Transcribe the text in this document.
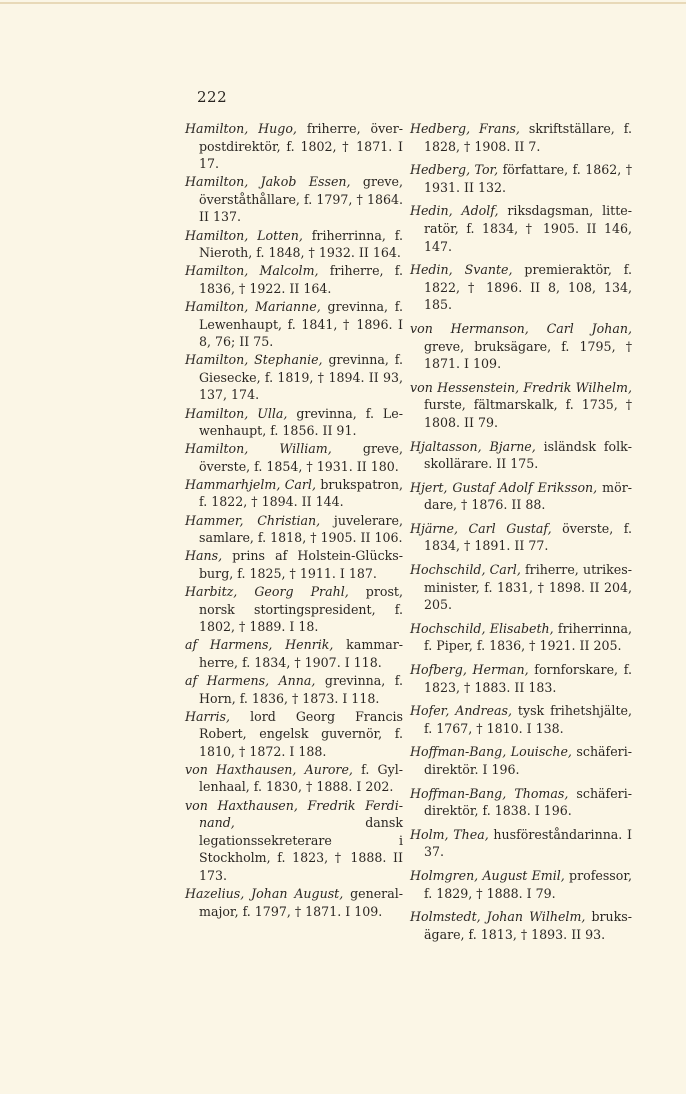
222

Hamilton, Hugo, friherre, överpostdirektör, f. 1802, † 1871. I 17.

Hamilton, Jakob Essen, greve, överståthållare, f. 1797, † 1864. II 137.

Hamilton, Lotten, friherrinna, f. Nieroth, f. 1848, † 1932. II 164.

Hamilton, Malcolm, friherre, f. 1836, † 1922. II 164.

Hamilton, Marianne, grevinna, f. Lewenhaupt, f. 1841, † 1896. I 8, 76; II 75.

Hamilton, Stephanie, grevinna, f. Giesecke, f. 1819, † 1894. II 93, 137, 174.

Hamilton, Ulla, grevinna, f. Lewenhaupt, f. 1856. II 91.

Hamilton, William, greve, överste, f. 1854, † 1931. II 180.

Hammarhjelm, Carl, brukspatron, f. 1822, † 1894. II 144.

Hammer, Christian, juvelerare, samlare, f. 1818, † 1905. II 106.

Hans, prins af Holstein-Glücksburg, f. 1825, † 1911. I 187.

Harbitz, Georg Prahl, prost, norsk stortingspresident, f. 1802, † 1889. I 18.

af Harmens, Henrik, kammarherre, f. 1834, † 1907. I 118.

af Harmens, Anna, grevinna, f. Horn, f. 1836, † 1873. I 118.

Harris, lord Georg Francis Robert, engelsk guvernör, f. 1810, † 1872. I 188.

von Haxthausen, Aurore, f. Gyllenhaal, f. 1830, † 1888. I 202.

von Haxthausen, Fredrik Ferdinand, dansk legationssekreterare i Stockholm, f. 1823, † 1888. II 173.

Hazelius, Johan August, generalmajor, f. 1797, † 1871. I 109.

Hedberg, Frans, skriftställare, f. 1828, † 1908. II 7.

Hedberg, Tor, författare, f. 1862, † 1931. II 132.

Hedin, Adolf, riksdagsman, litteratör, f. 1834, † 1905. II 146, 147.

Hedin, Svante, premieraktör, f. 1822, † 1896. II 8, 108, 134, 185.

von Hermanson, Carl Johan, greve, bruksägare, f. 1795, † 1871. I 109.

von Hessenstein, Fredrik Wilhelm, furste, fältmarskalk, f. 1735, † 1808. II 79.

Hjaltasson, Bjarne, isländsk folkskollärare. II 175.

Hjert, Gustaf Adolf Eriksson, mördare, † 1876. II 88.

Hjärne, Carl Gustaf, överste, f. 1834, † 1891. II 77.

Hochschild, Carl, friherre, utrikesminister, f. 1831, † 1898. II 204, 205.

Hochschild, Elisabeth, friherrinna, f. Piper, f. 1836, † 1921. II 205.

Hofberg, Herman, fornforskare, f. 1823, † 1883. II 183.

Hofer, Andreas, tysk frihetshjälte, f. 1767, † 1810. I 138.

Hoffman-Bang, Louische, schäferidirektör. I 196.

Hoffman-Bang, Thomas, schäferidirektör, f. 1838. I 196.

Holm, Thea, husföreståndarinna. I 37.

Holmgren, August Emil, professor, f. 1829, † 1888. I 79.

Holmstedt, Johan Wilhelm, bruksägare, f. 1813, † 1893. II 93.
